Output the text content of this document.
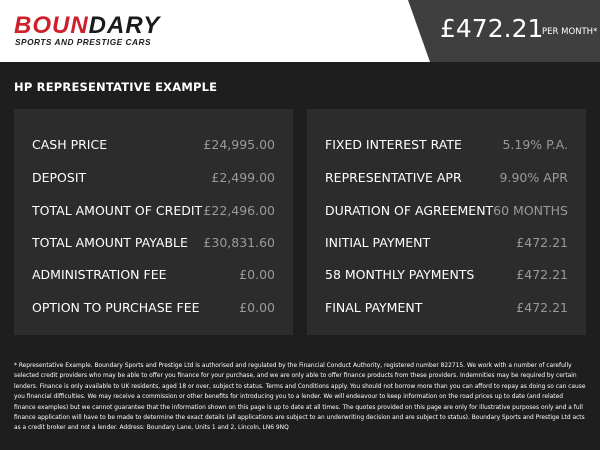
BOUNDARY
SPORTS AND PRESTIGE CARS	£472.21
PER MONTH*
HP REPRESENTATIVE EXAMPLE
CASH PRICE	£24,995.00
DEPOSIT	£2,499.00
TOTAL AMOUNT OF CREDIT £22,496.00
TOTAL AMOUNT PAYABLE £30,831.60
ADMINISTRATION FEE	£0.00
OPTION TO PURCHASE FEE	£0.00
FIXED INTEREST RATE	5.19% P.A.
REPRESENTATIVE APR	9.90% APR
DURATION OF AGREEMENT 60 MONTHS
INITIAL PAYMENT	£472.21
58 MONTHLY PAYMENTS	£472.21
FINAL PAYMENT	£472.21
* Representative Example. Boundary Sports and Prestige Ltd is authorised and regulated by the Financial Conduct Authority, registered number 822715. We work with a number of carefully selected credit providers who may be able to offer you finance for your purchase, and we are only able to offer finance products from these providers. Indemnities may be required by certain lenders. Finance is only available to UK residents, aged 18 or over, subject to status. Terms and Conditions apply. You should not borrow more than you can afford to repay as doing so can cause you financial difficulties. We may receive a commission or other benefits for introducing you to a lender. We will endeavour to keep information on the road prices up to date (and related finance examples) but we cannot guarantee that the information shown on this page is up to date at all times. The quotes provided on this page are only for illustrative purposes only and a full finance application will have to be made to determine the exact details (all applications are subject to an underwriting decision and are subject to status). Boundary Sports and Prestige Ltd acts as a credit broker and not a lender. Address: Boundary Lane, Units 1 and 2, Lincoln, LN6 9NQ
